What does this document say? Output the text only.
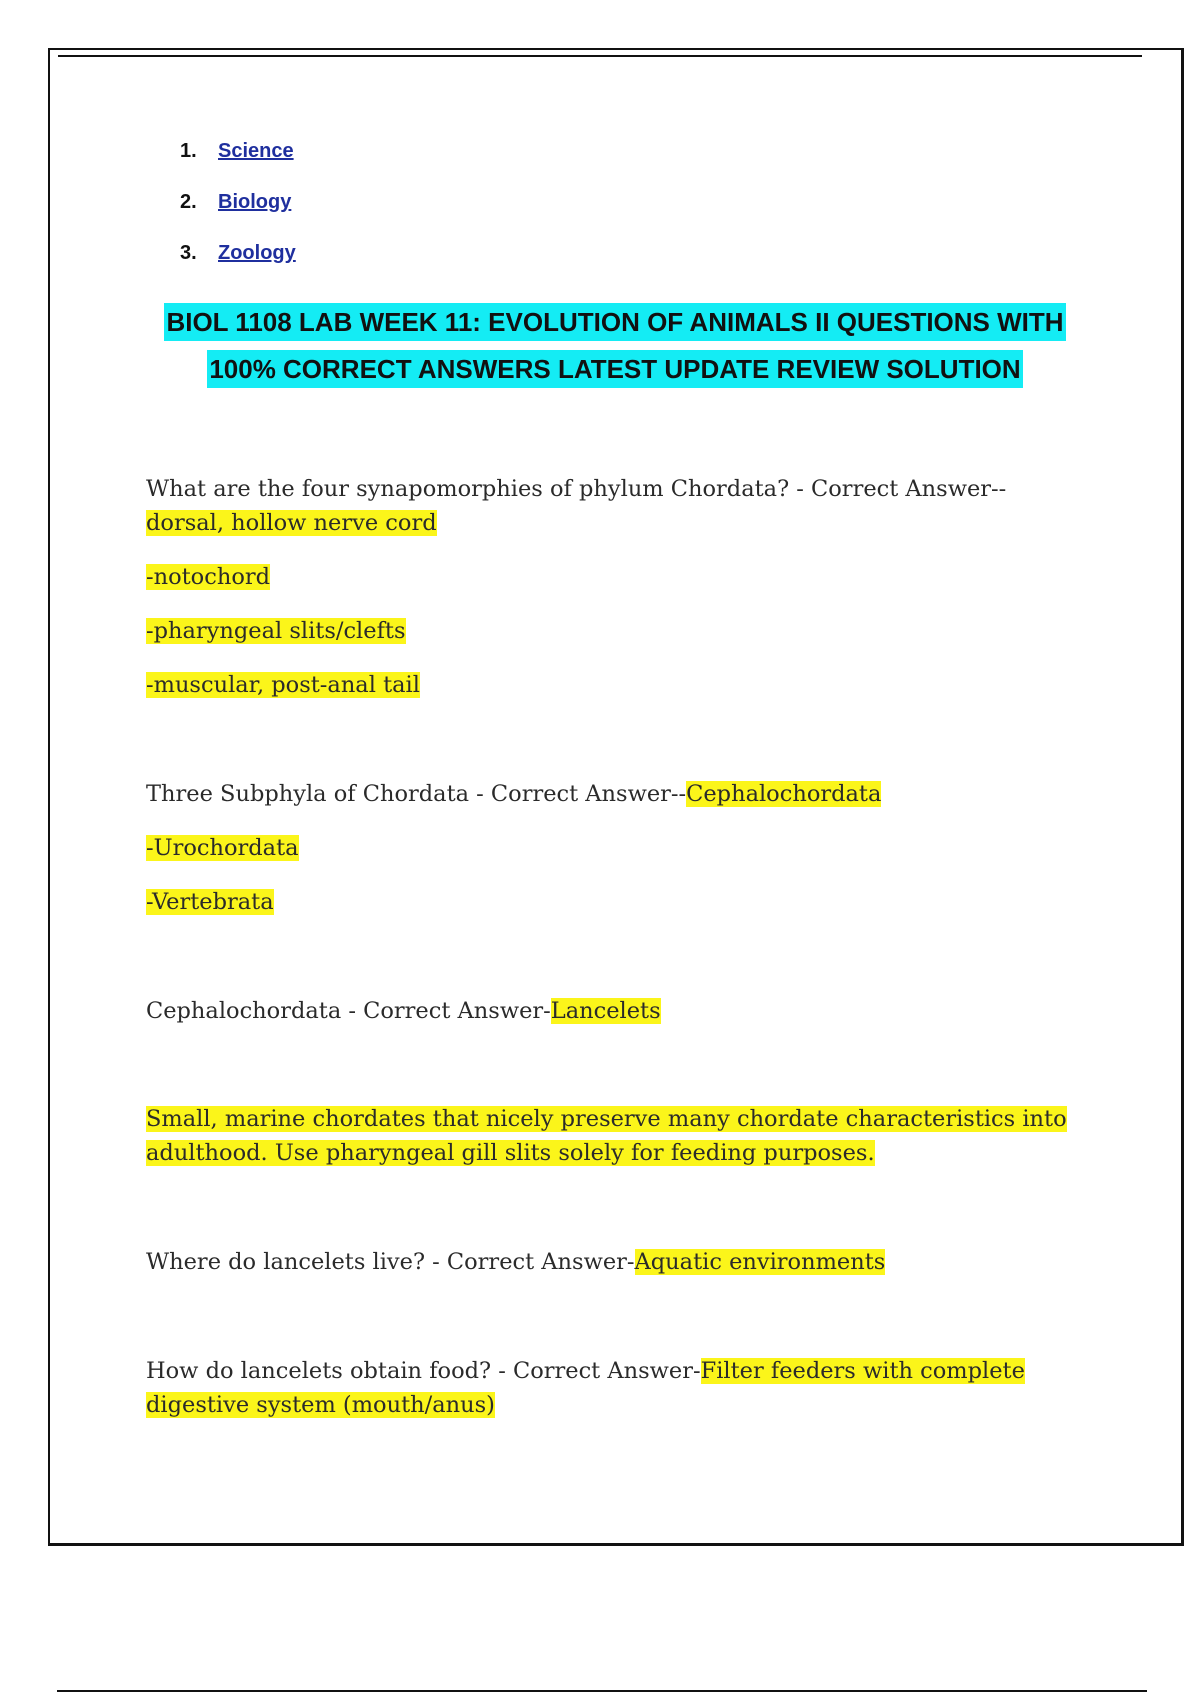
1.	Science
2.	Biology
3.	Zoology
BIOL 1108 LAB WEEK 11: EVOLUTION OF ANIMALS II QUESTIONS WITH
100% CORRECT ANSWERS LATEST UPDATE REVIEW SOLUTION

What are the four synapomorphies of phylum Chordata? - Correct Answer--

dorsal, hollow nerve cord

-notochord

-pharyngeal slits/clefts

-muscular, post-anal tail

Three Subphyla of Chordata - Correct Answer--Cephalochordata

-Urochordata

-Vertebrata

Cephalochordata - Correct Answer-Lancelets

Small, marine chordates that nicely preserve many chordate characteristics into

adulthood. Use pharyngeal gill slits solely for feeding purposes.

Where do lancelets live? - Correct Answer-Aquatic environments

How do lancelets obtain food? - Correct Answer-Filter feeders with complete

digestive system (mouth/anus)
